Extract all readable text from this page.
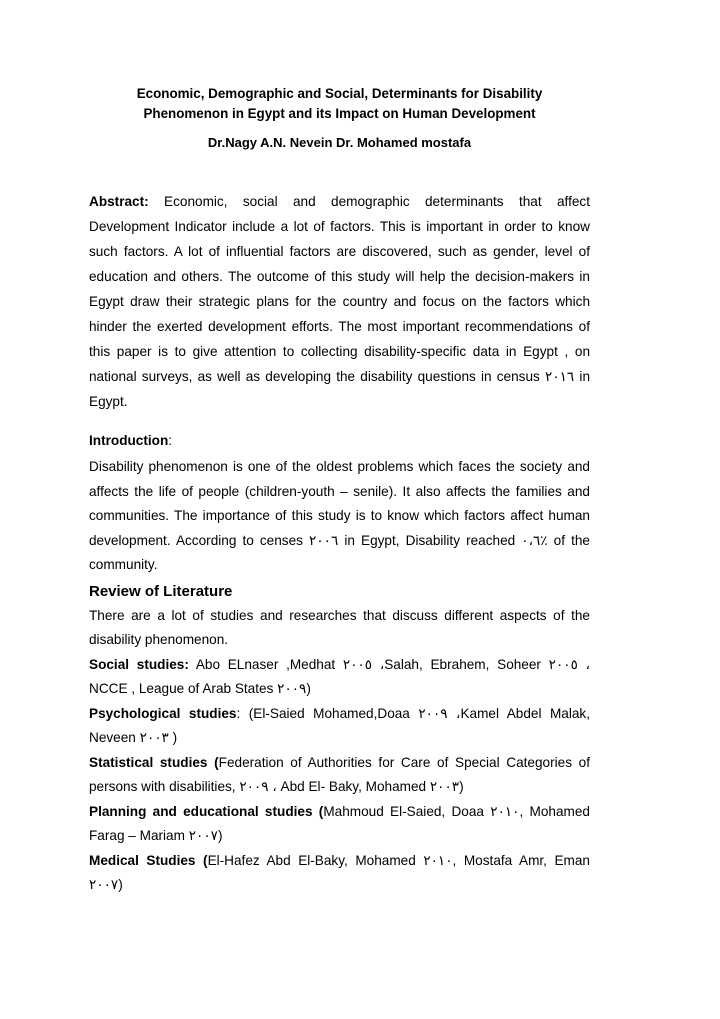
Economic, Demographic and Social, Determinants for Disability
Phenomenon in Egypt and its Impact on Human Development
Dr.Nagy A.N. Nevein Dr. Mohamed mostafa

Abstract: Economic, social and demographic determinants that affect Development Indicator include a lot of factors. This is important in order to know such factors. A lot of influential factors are discovered, such as gender, level of education and others. The outcome of this study will help the decision-makers in Egypt draw their strategic plans for the country and focus on the factors which hinder the exerted development efforts. The most important recommendations of this paper is to give attention to collecting disability-specific data in Egypt , on national surveys, as well as developing the disability questions in census ٢٠١٦ in Egypt.

Introduction:

Disability phenomenon is one of the oldest problems which faces the society and affects the life of people (children-youth – senile). It also affects the families and communities. The importance of this study is to know which factors affect human development. According to censes ٢٠٠٦ in Egypt, Disability reached ٠،٦٪ of the community.

Review of Literature

There are a lot of studies and researches that discuss different aspects of the disability phenomenon.

Social studies: Abo ELnaser ,Medhat ٢٠٠٥ ،Salah, Ebrahem, Soheer ٢٠٠٥ ، NCCE , League of Arab States ٢٠٠٩)

Psychological studies: (El-Saied Mohamed,Doaa ٢٠٠٩ ،Kamel Abdel Malak, Neveen ٢٠٠٣ )

Statistical studies (Federation of Authorities for Care of Special Categories of persons with disabilities, ٢٠٠٩ ، Abd El- Baky, Mohamed ٢٠٠٣)

Planning and educational studies (Mahmoud El-Saied, Doaa ٢٠١٠, Mohamed Farag – Mariam ٢٠٠٧)

Medical Studies (El-Hafez Abd El-Baky, Mohamed ٢٠١٠, Mostafa Amr, Eman ٢٠٠٧)
